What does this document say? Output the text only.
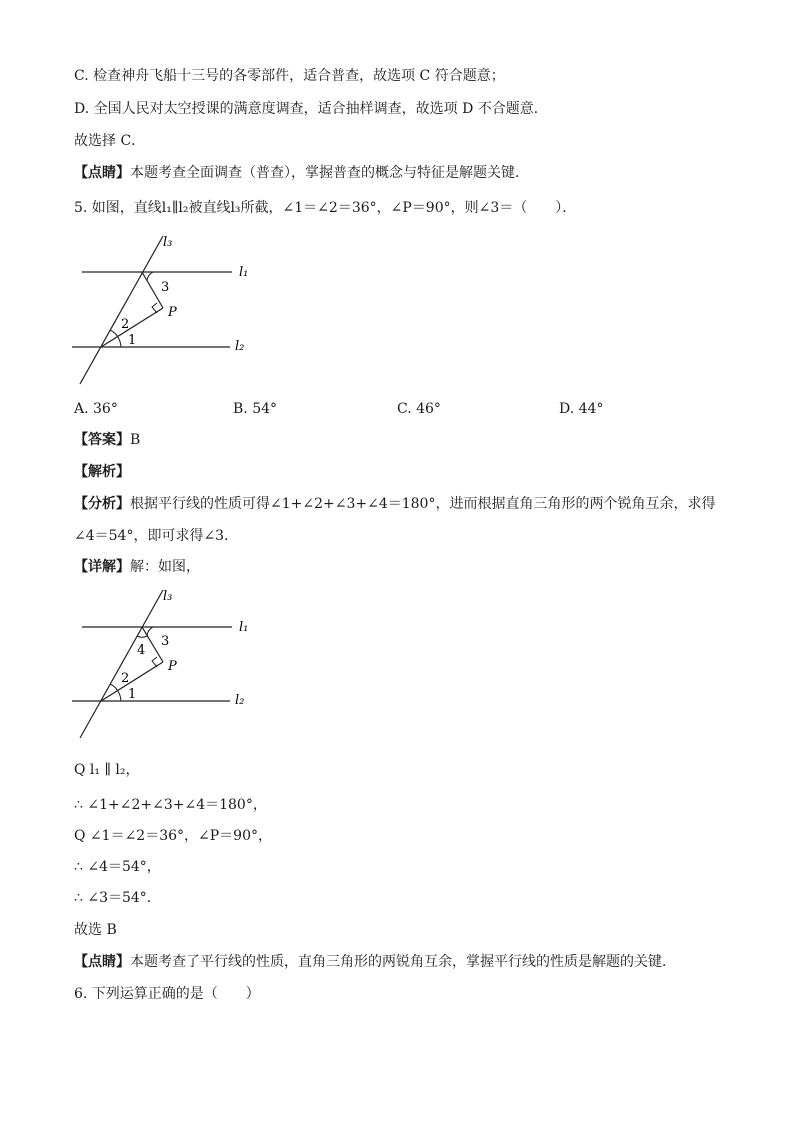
C. 检查神舟飞船十三号的各零部件，适合普查，故选项 C 符合题意；
D. 全国人民对太空授课的满意度调查，适合抽样调查，故选项 D 不合题意．
故选择 C．
【点睛】本题考查全面调查（普查），掌握普查的概念与特征是解题关键．
5. 如图，直线l₁∥l₂被直线l₃所截，∠1＝∠2＝36°，∠P＝90°，则∠3＝（　　）．
l₃
l₁
l₂
3
2
1
P
A. 36°	B. 54°	C. 46°	D. 44°
【答案】B
【解析】
【分析】根据平行线的性质可得∠1+∠2+∠3+∠4＝180°，进而根据直角三角形的两个锐角互余，求得
∠4＝54°，即可求得∠3．
【详解】解：如图，
l₃
l₁
l₂
3
4
2
1
P
Q l₁ ∥ l₂，
∴ ∠1+∠2+∠3+∠4＝180°，
Q ∠1＝∠2＝36°，∠P＝90°，
∴ ∠4＝54°，
∴ ∠3＝54°．
故选 B
【点睛】本题考查了平行线的性质，直角三角形的两锐角互余，掌握平行线的性质是解题的关键．
6. 下列运算正确的是（　　）
